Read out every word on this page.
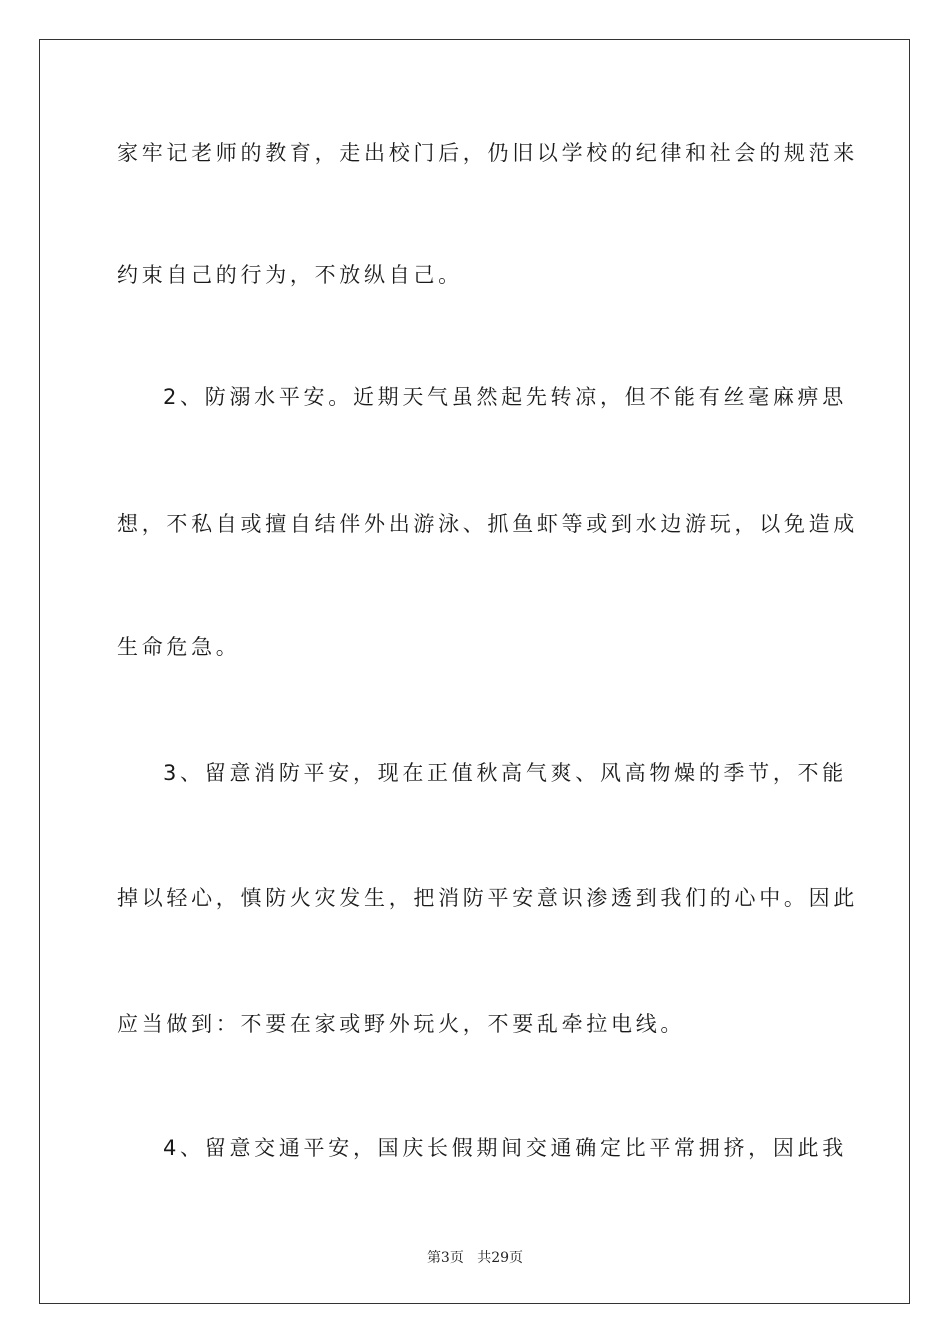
家牢记老师的教育，走出校门后，仍旧以学校的纪律和社会的规范来
约束自己的行为，不放纵自己。
2、防溺水平安。近期天气虽然起先转凉，但不能有丝毫麻痹思
想，不私自或擅自结伴外出游泳、抓鱼虾等或到水边游玩，以免造成
生命危急。
3、留意消防平安，现在正值秋高气爽、风高物燥的季节，不能
掉以轻心，慎防火灾发生，把消防平安意识渗透到我们的心中。因此
应当做到：不要在家或野外玩火，不要乱牵拉电线。
4、留意交通平安，国庆长假期间交通确定比平常拥挤，因此我
第3页 共29页
